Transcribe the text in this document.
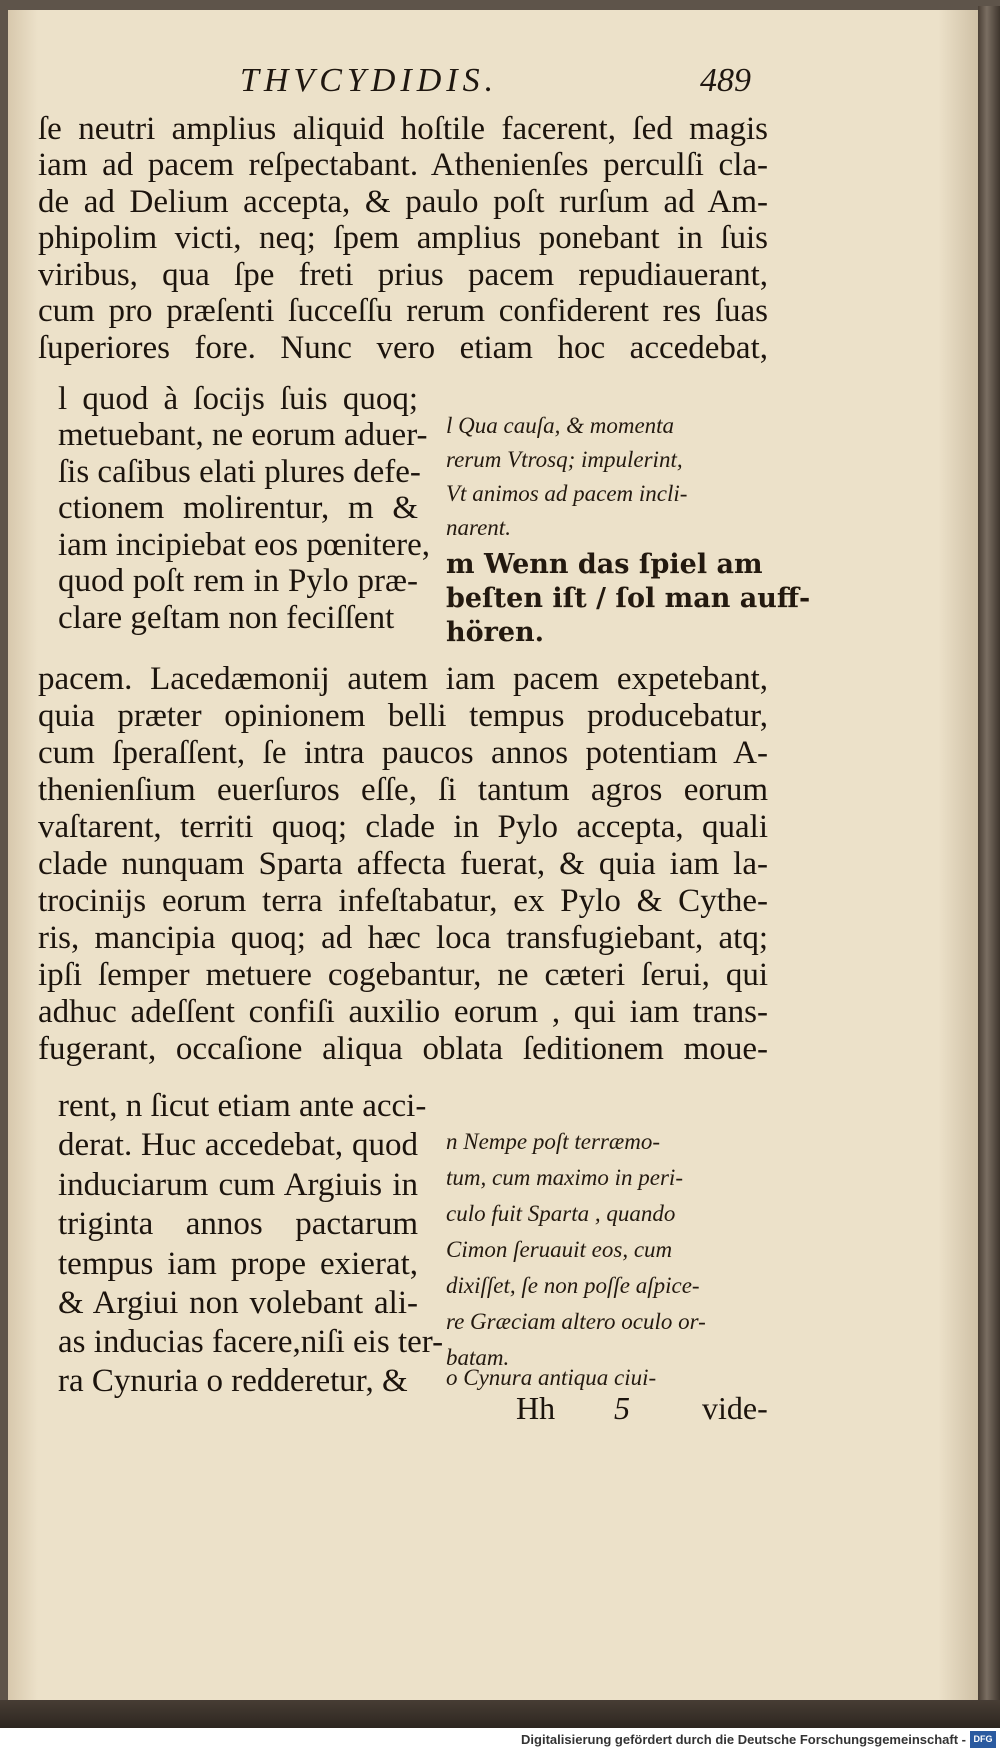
THVCYDIDIS.	489
ſe neutri amplius aliquid hoſtile facerent, ſed magis
iam ad pacem reſpectabant. Athenienſes perculſi cla-
de ad Delium accepta, & paulo poſt rurſum ad Am-
phipolim victi, neq; ſpem amplius ponebant in ſuis
viribus, qua ſpe freti prius pacem repudiauerant,
cum pro præſenti ſucceſſu rerum confiderent res ſuas
ſuperiores fore. Nunc vero etiam hoc accedebat,
l quod à ſocijs ſuis quoq;
metuebant, ne eorum aduer-
ſis caſibus elati plures defe-
ctionem molirentur, m &
iam incipiebat eos pœnitere,
quod poſt rem in Pylo præ-
clare geſtam non feciſſent
l Qua cauſa, & momenta
rerum Vtrosq; impulerint,
Vt animos ad pacem incli-
narent.
m Wenn das ſpiel am
beſten iſt / ſol man auff-
hören.
pacem. Lacedæmonij autem iam pacem expetebant,
quia præter opinionem belli tempus producebatur,
cum ſperaſſent, ſe intra paucos annos potentiam A-
thenienſium euerſuros eſſe, ſi tantum agros eorum
vaſtarent, territi quoq; clade in Pylo accepta, quali
clade nunquam Sparta affecta fuerat, & quia iam la-
trocinijs eorum terra infeſtabatur, ex Pylo & Cythe-
ris, mancipia quoq; ad hæc loca transfugiebant, atq;
ipſi ſemper metuere cogebantur, ne cæteri ſerui, qui
adhuc adeſſent confiſi auxilio eorum , qui iam trans-
fugerant, occaſione aliqua oblata ſeditionem moue-
rent, n ſicut etiam ante acci-
derat. Huc accedebat, quod
induciarum cum Argiuis in
triginta annos pactarum
tempus iam prope exierat,
& Argiui non volebant ali-
as inducias facere,niſi eis ter-
ra Cynuria o redderetur, &
n Nempe poſt terræmo-
tum, cum maximo in peri-
culo fuit Sparta , quando
Cimon ſeruauit eos, cum
dixiſſet, ſe non poſſe aſpice-
re Græciam altero oculo or-
batam.
o Cynura antiqua ciui-
Hh 5 vide-
Digitalisierung gefördert durch die Deutsche Forschungsgemeinschaft - DFG
